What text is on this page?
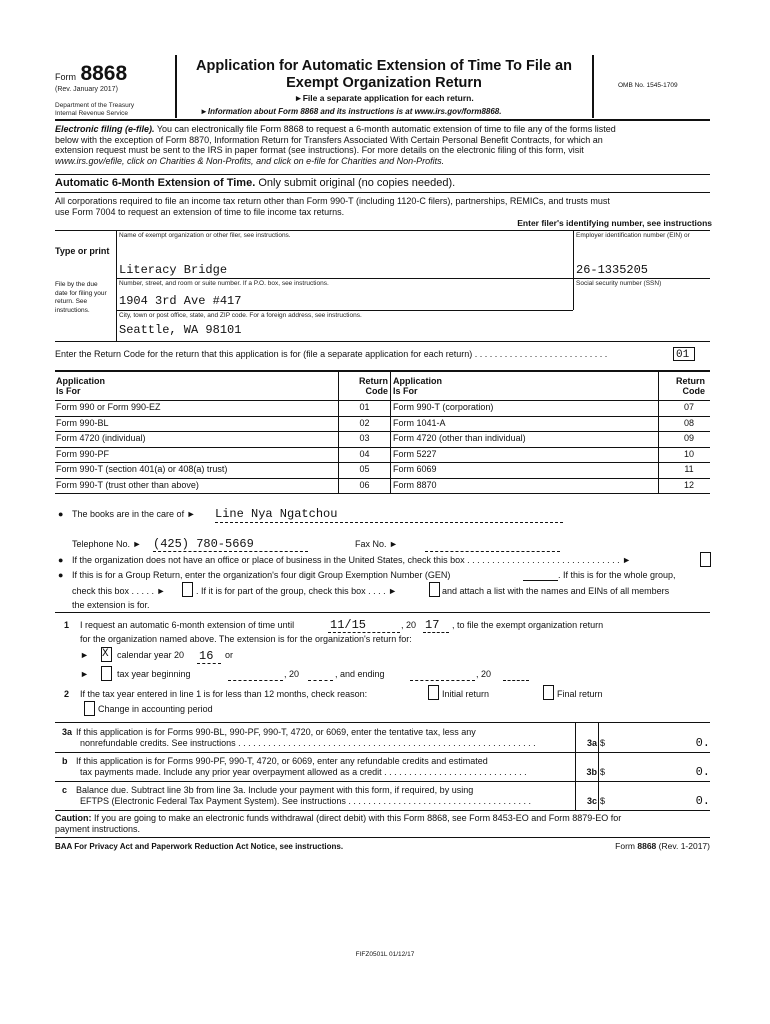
Form 8868
(Rev. January 2017)
Department of the Treasury
Internal Revenue Service
Application for Automatic Extension of Time To File an
Exempt Organization Return
►File a separate application for each return.
►Information about Form 8868 and its instructions is at www.irs.gov/form8868.
OMB No. 1545-1709
Electronic filing (e-file). You can electronically file Form 8868 to request a 6-month automatic extension of time to file any of the forms listed
below with the exception of Form 8870, Information Return for Transfers Associated With Certain Personal Benefit Contracts, for which an
extension request must be sent to the IRS in paper format (see instructions). For more details on the electronic filing of this form, visit
www.irs.gov/efile, click on Charities & Non-Profits, and click on e-file for Charities and Non-Profits.
Automatic 6-Month Extension of Time. Only submit original (no copies needed).
All corporations required to file an income tax return other than Form 990-T (including 1120-C filers), partnerships, REMICs, and trusts must
use Form 7004 to request an extension of time to file income tax returns.
Enter filer's identifying number, see instructions
Type or print
File by the due date for filing your return. See instructions.
Name of exempt organization or other filer, see instructions.
Literacy Bridge
Employer identification number (EIN) or
26-1335205
Number, street, and room or suite number. If a P.O. box, see instructions.
1904 3rd Ave #417
Social security number (SSN)
City, town or post office, state, and ZIP code. For a foreign address, see instructions.
Seattle, WA 98101
Enter the Return Code for the return that this application is for (file a separate application for each return) . . . . . . . . . . . . . . . . . . . . . . . . . . .	01
Application
Is For
Return
Code
Application
Is For
Return
Code
Form 990 or Form 990-EZ	01	Form 990-T (corporation)	07
Form 990-BL	02	Form 1041-A	08
Form 4720 (individual)	03	Form 4720 (other than individual)	09
Form 990-PF	04	Form 5227	10
Form 990-T (section 401(a) or 408(a) trust)	05	Form 6069	11
Form 990-T (trust other than above)	06	Form 8870	12
● The books are in the care of ► Line Nya Ngatchou
Telephone No. ► (425) 780-5669	Fax No. ►
● If the organization does not have an office or place of business in the United States, check this box . . . . . . . . . . . . . . . . . . . . . . . . . . . . . . . ►
● If this is for a Group Return, enter the organization's four digit Group Exemption Number (GEN)	. If this is for the whole group,
check this box . . . . . ►	. If it is for part of the group, check this box . . . . ►	and attach a list with the names and EINs of all members
the extension is for.
1 I request an automatic 6-month extension of time until	11/15	, 20 17 , to file the exempt organization return
for the organization named above. The extension is for the organization's return for:
► X calendar year 20 16 or
►	tax year beginning	, 20	, and ending	, 20
2 If the tax year entered in line 1 is for less than 12 months, check reason:	Initial return	Final return
Change in accounting period
3a If this application is for Forms 990-BL, 990-PF, 990-T, 4720, or 6069, enter the tentative tax, less any
nonrefundable credits. See instructions . . . . . . . . . . . . . . . . . . . . . . . . . . . . . . . . . . . . . . . . . . . . . . . . . . . . . . . . . . . .	3a $	0.
b If this application is for Forms 990-PF, 990-T, 4720, or 6069, enter any refundable credits and estimated
tax payments made. Include any prior year overpayment allowed as a credit . . . . . . . . . . . . . . . . . . . . . . . . . . . . .	3b $	0.
c Balance due. Subtract line 3b from line 3a. Include your payment with this form, if required, by using
EFTPS (Electronic Federal Tax Payment System). See instructions . . . . . . . . . . . . . . . . . . . . . . . . . . . . . . . . . . . . .	3c $	0.
Caution: If you are going to make an electronic funds withdrawal (direct debit) with this Form 8868, see Form 8453-EO and Form 8879-EO for
payment instructions.
BAA For Privacy Act and Paperwork Reduction Act Notice, see instructions.	Form 8868 (Rev. 1-2017)
FIFZ0501L 01/12/17
